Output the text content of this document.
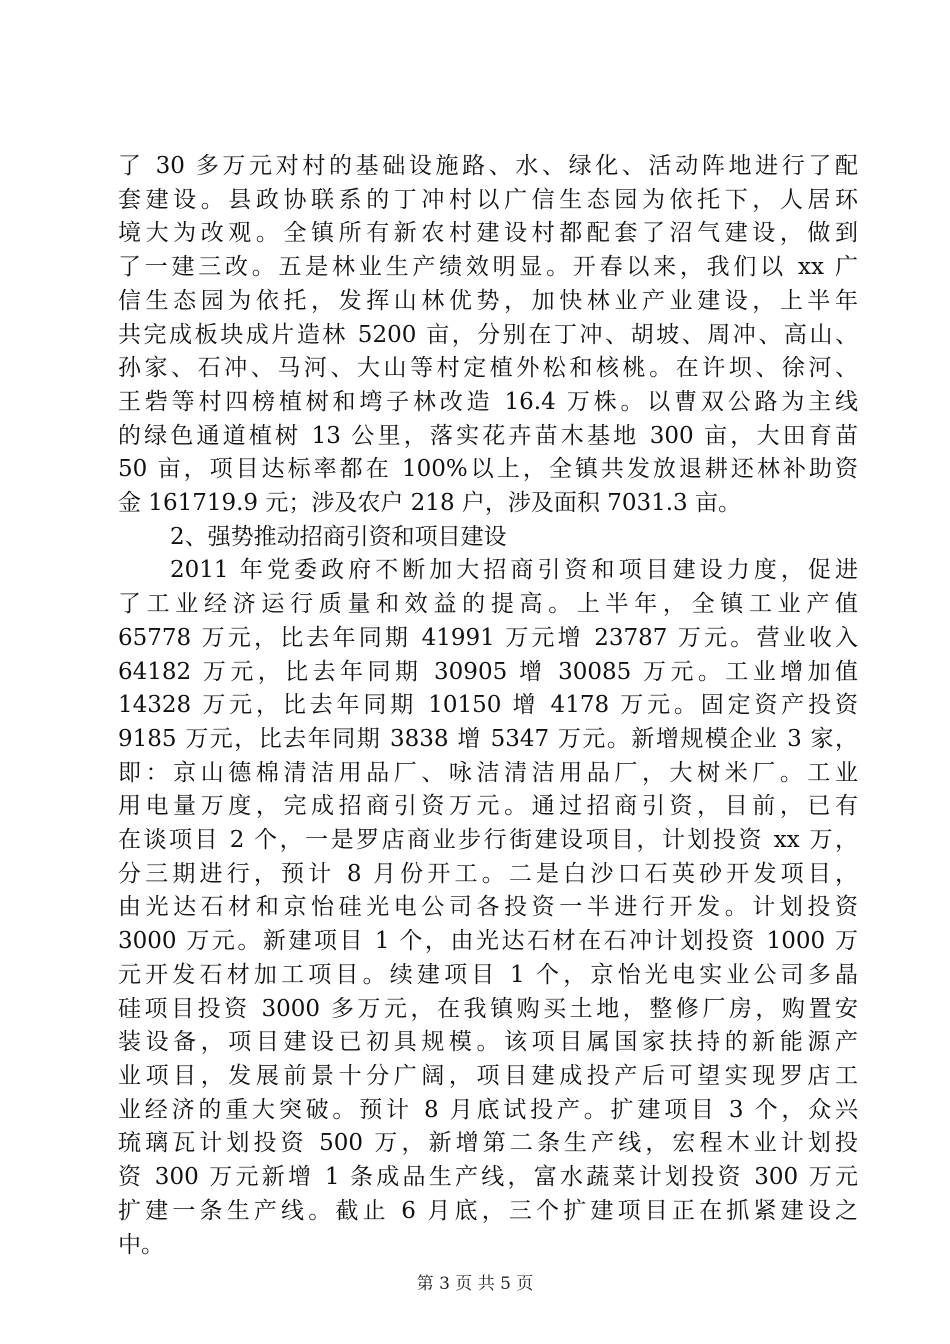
了 30 多万元对村的基础设施路、水、绿化、活动阵地进行了配
套建设。县政协联系的丁冲村以广信生态园为依托下，人居环
境大为改观。全镇所有新农村建设村都配套了沼气建设，做到
了一建三改。五是林业生产绩效明显。开春以来，我们以 xx 广
信生态园为依托，发挥山林优势，加快林业产业建设，上半年
共完成板块成片造林 5200 亩，分别在丁冲、胡坡、周冲、高山、
孙家、石冲、马河、大山等村定植外松和核桃。在许坝、徐河、
王砦等村四榜植树和塆子林改造 16.4 万株。以曹双公路为主线
的绿色通道植树 13 公里，落实花卉苗木基地 300 亩，大田育苗
50 亩，项目达标率都在 100%以上，全镇共发放退耕还林补助资
金 161719.9 元；涉及农户 218 户，涉及面积 7031.3 亩。
2、强势推动招商引资和项目建设
2011 年党委政府不断加大招商引资和项目建设力度，促进
了工业经济运行质量和效益的提高。上半年，全镇工业产值
65778 万元，比去年同期 41991 万元增 23787 万元。营业收入
64182 万元，比去年同期 30905 增 30085 万元。工业增加值
14328 万元，比去年同期 10150 增 4178 万元。固定资产投资
9185 万元，比去年同期 3838 增 5347 万元。新增规模企业 3 家，
即：京山德棉清洁用品厂、咏洁清洁用品厂，大树米厂。工业
用电量万度，完成招商引资万元。通过招商引资，目前，已有
在谈项目 2 个，一是罗店商业步行街建设项目，计划投资 xx 万，
分三期进行，预计 8 月份开工。二是白沙口石英砂开发项目，
由光达石材和京怡硅光电公司各投资一半进行开发。计划投资
3000 万元。新建项目 1 个，由光达石材在石冲计划投资 1000 万
元开发石材加工项目。续建项目 1 个，京怡光电实业公司多晶
硅项目投资 3000 多万元，在我镇购买土地，整修厂房，购置安
装设备，项目建设已初具规模。该项目属国家扶持的新能源产
业项目，发展前景十分广阔，项目建成投产后可望实现罗店工
业经济的重大突破。预计 8 月底试投产。扩建项目 3 个，众兴
琉璃瓦计划投资 500 万，新增第二条生产线，宏程木业计划投
资 300 万元新增 1 条成品生产线，富水蔬菜计划投资 300 万元
扩建一条生产线。截止 6 月底，三个扩建项目正在抓紧建设之
中。
第 3 页 共 5 页
